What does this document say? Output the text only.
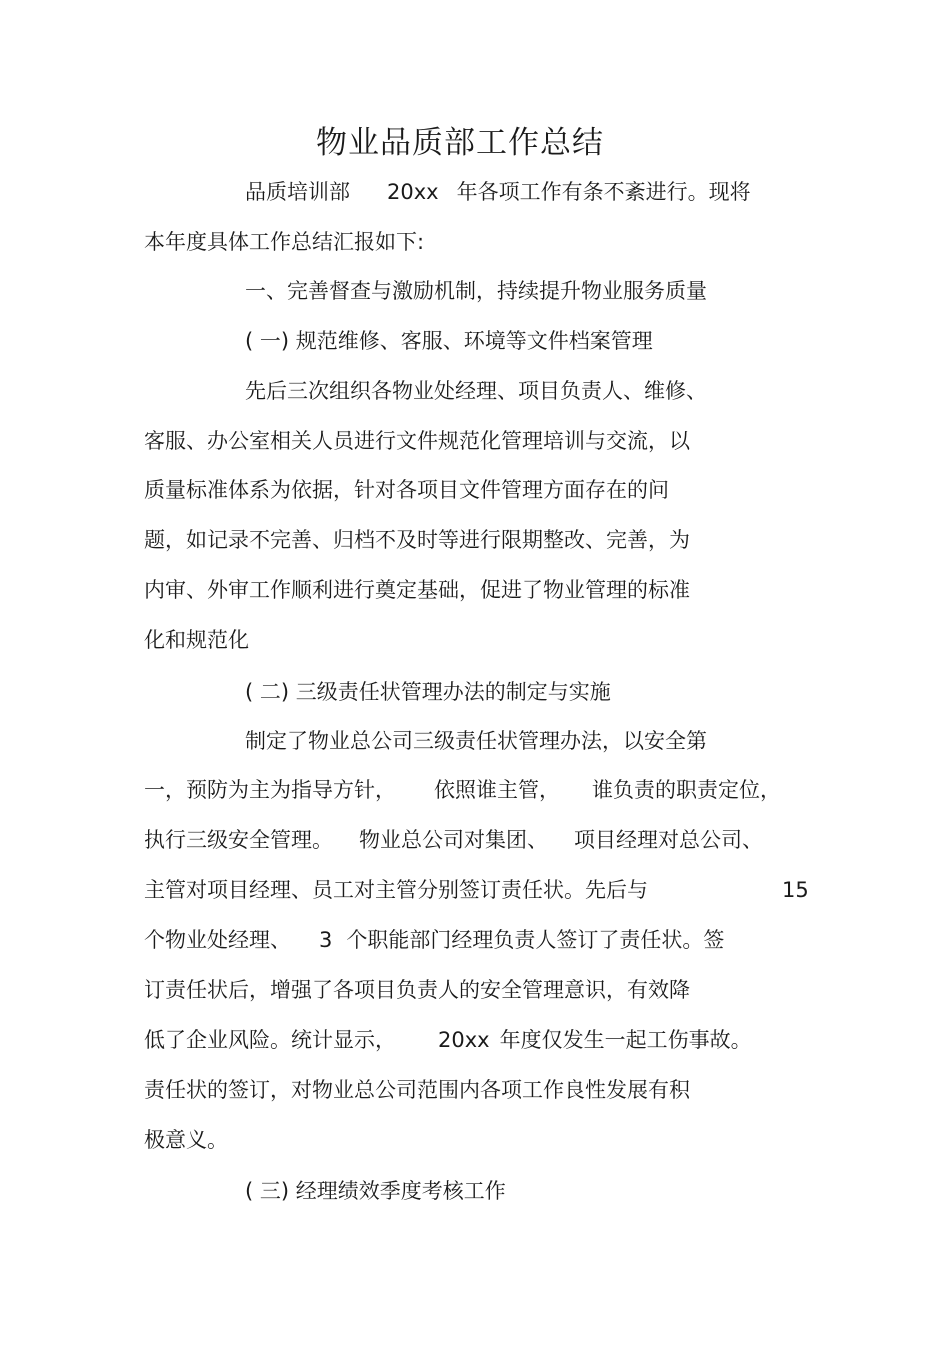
物业品质部工作总结

品质培训部 20xx 年各项工作有条不紊进行。现将

本年度具体工作总结汇报如下:

一、完善督查与激励机制，持续提升物业服务质量

( 一) 规范维修、客服、环境等文件档案管理

先后三次组织各物业处经理、项目负责人、维修、

客服、办公室相关人员进行文件规范化管理培训与交流，以

质量标准体系为依据，针对各项目文件管理方面存在的问

题，如记录不完善、归档不及时等进行限期整改、完善，为

内审、外审工作顺利进行奠定基础，促进了物业管理的标准

化和规范化

( 二) 三级责任状管理办法的制定与实施

制定了物业总公司三级责任状管理办法，以安全第

一，预防为主为指导方针， 依照谁主管， 谁负责的职责定位，

执行三级安全管理。 物业总公司对集团、 项目经理对总公司、

主管对项目经理、员工对主管分别签订责任状。先后与	15

个物业处经理、 3 个职能部门经理负责人签订了责任状。签

订责任状后，增强了各项目负责人的安全管理意识，有效降

低了企业风险。统计显示， 20xx 年度仅发生一起工伤事故。

责任状的签订，对物业总公司范围内各项工作良性发展有积

极意义。

( 三) 经理绩效季度考核工作
